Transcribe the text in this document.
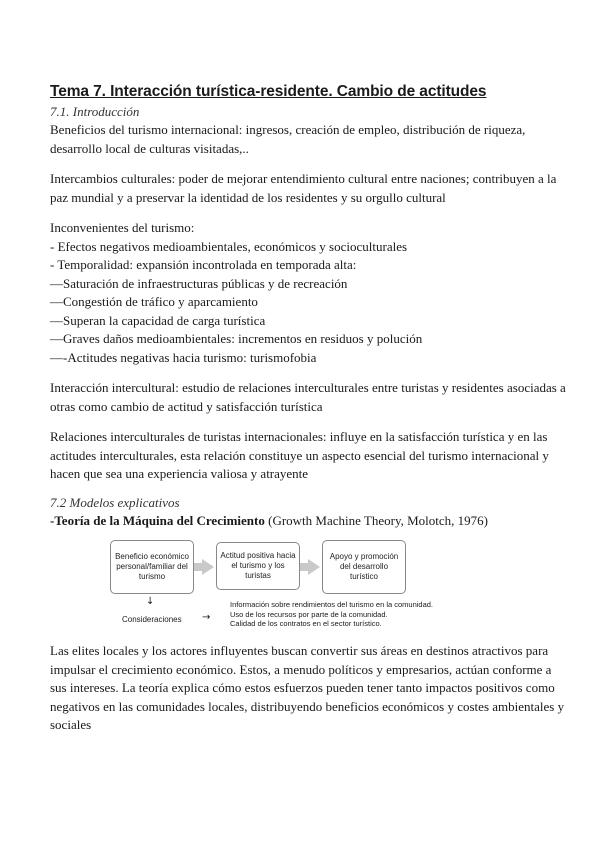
Tema 7. Interacción turística-residente. Cambio de actitudes
7.1. Introducción

Beneficios del turismo internacional: ingresos, creación de empleo, distribución de riqueza, desarrollo local de culturas visitadas,..

Intercambios culturales: poder de mejorar entendimiento cultural entre naciones; contribuyen a la paz mundial y a preservar la identidad de los residentes y su orgullo cultural

Inconvenientes del turismo:
- Efectos negativos medioambientales, económicos y socioculturales
- Temporalidad: expansión incontrolada en temporada alta:
—Saturación de infraestructuras públicas y de recreación
—Congestión de tráfico y aparcamiento
—Superan la capacidad de carga turística
—Graves daños medioambientales: incrementos en residuos y polución
—-Actitudes negativas hacia turismo: turismofobia

Interacción intercultural: estudio de relaciones interculturales entre turistas y residentes asociadas a otras como cambio de actitud y satisfacción turística

Relaciones interculturales de turistas internacionales: influye en la satisfacción turística y en las actitudes interculturales, esta relación constituye un aspecto esencial del turismo internacional y hacen que sea una experiencia valiosa y atrayente

7.2 Modelos explicativos

-Teoría de la Máquina del Crecimiento (Growth Machine Theory, Molotch, 1976)

Beneficio económico personal/familiar del turismo
Actitud positiva hacia el turismo y los turistas
Apoyo y promoción del desarrollo turístico
↓
Consideraciones →
Información sobre rendimientos del turismo en la comunidad.
Uso de los recursos por parte de la comunidad.
Calidad de los contratos en el sector turístico.

Las elites locales y los actores influyentes buscan convertir sus áreas en destinos atractivos para impulsar el crecimiento económico. Estos, a menudo políticos y empresarios, actúan conforme a sus intereses. La teoría explica cómo estos esfuerzos pueden tener tanto impactos positivos como negativos en las comunidades locales, distribuyendo beneficios económicos y costes ambientales y sociales
